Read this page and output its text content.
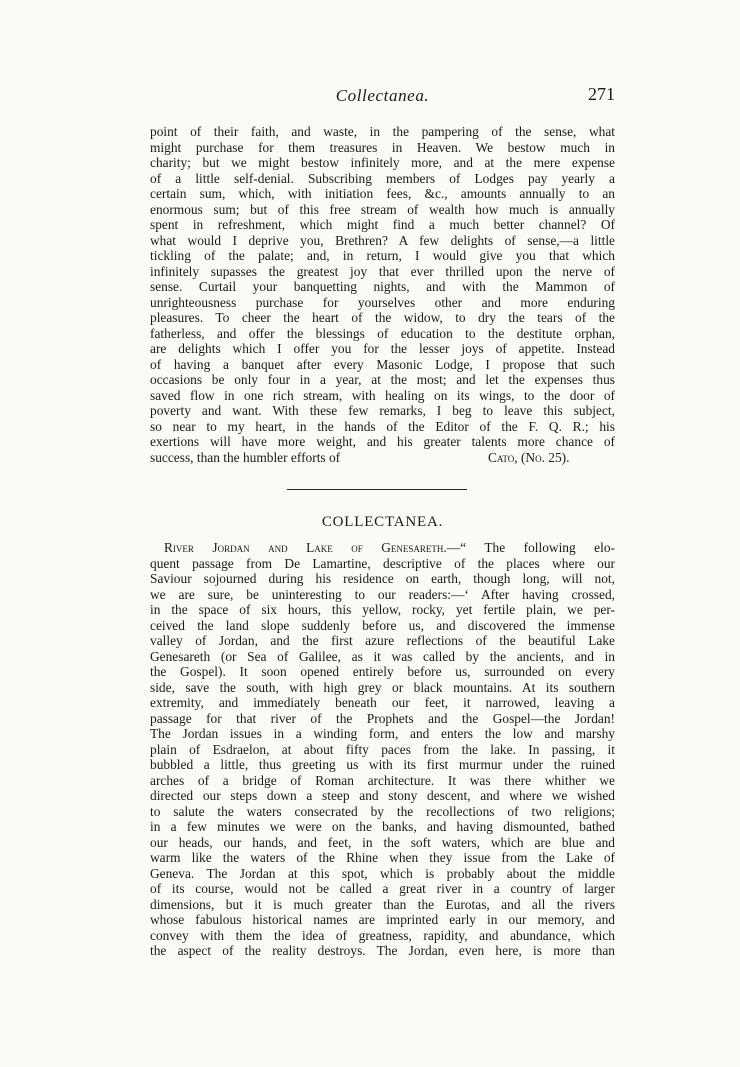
Collectanea.	271
point of their faith, and waste, in the pampering of the sense, what
might purchase for them treasures in Heaven. We bestow much in
charity; but we might bestow infinitely more, and at the mere expense
of a little self-denial. Subscribing members of Lodges pay yearly a
certain sum, which, with initiation fees, &c., amounts annually to an
enormous sum; but of this free stream of wealth how much is annually
spent in refreshment, which might find a much better channel? Of
what would I deprive you, Brethren? A few delights of sense,—a little
tickling of the palate; and, in return, I would give you that which
infinitely supasses the greatest joy that ever thrilled upon the nerve of
sense. Curtail your banquetting nights, and with the Mammon of
unrighteousness purchase for yourselves other and more enduring
pleasures. To cheer the heart of the widow, to dry the tears of the
fatherless, and offer the blessings of education to the destitute orphan,
are delights which I offer you for the lesser joys of appetite. Instead
of having a banquet after every Masonic Lodge, I propose that such
occasions be only four in a year, at the most; and let the expenses thus
saved flow in one rich stream, with healing on its wings, to the door of
poverty and want. With these few remarks, I beg to leave this subject,
so near to my heart, in the hands of the Editor of the F. Q. R.; his
exertions will have more weight, and his greater talents more chance of
success, than the humbler efforts of	Cato, (No. 25).
COLLECTANEA.
River Jordan and Lake of Genesareth.—“ The following elo-
quent passage from De Lamartine, descriptive of the places where our
Saviour sojourned during his residence on earth, though long, will not,
we are sure, be uninteresting to our readers:—‘ After having crossed,
in the space of six hours, this yellow, rocky, yet fertile plain, we per-
ceived the land slope suddenly before us, and discovered the immense
valley of Jordan, and the first azure reflections of the beautiful Lake
Genesareth (or Sea of Galilee, as it was called by the ancients, and in
the Gospel). It soon opened entirely before us, surrounded on every
side, save the south, with high grey or black mountains. At its southern
extremity, and immediately beneath our feet, it narrowed, leaving a
passage for that river of the Prophets and the Gospel—the Jordan!
The Jordan issues in a winding form, and enters the low and marshy
plain of Esdraelon, at about fifty paces from the lake. In passing, it
bubbled a little, thus greeting us with its first murmur under the ruined
arches of a bridge of Roman architecture. It was there whither we
directed our steps down a steep and stony descent, and where we wished
to salute the waters consecrated by the recollections of two religions;
in a few minutes we were on the banks, and having dismounted, bathed
our heads, our hands, and feet, in the soft waters, which are blue and
warm like the waters of the Rhine when they issue from the Lake of
Geneva. The Jordan at this spot, which is probably about the middle
of its course, would not be called a great river in a country of larger
dimensions, but it is much greater than the Eurotas, and all the rivers
whose fabulous historical names are imprinted early in our memory, and
convey with them the idea of greatness, rapidity, and abundance, which
the aspect of the reality destroys. The Jordan, even here, is more than
